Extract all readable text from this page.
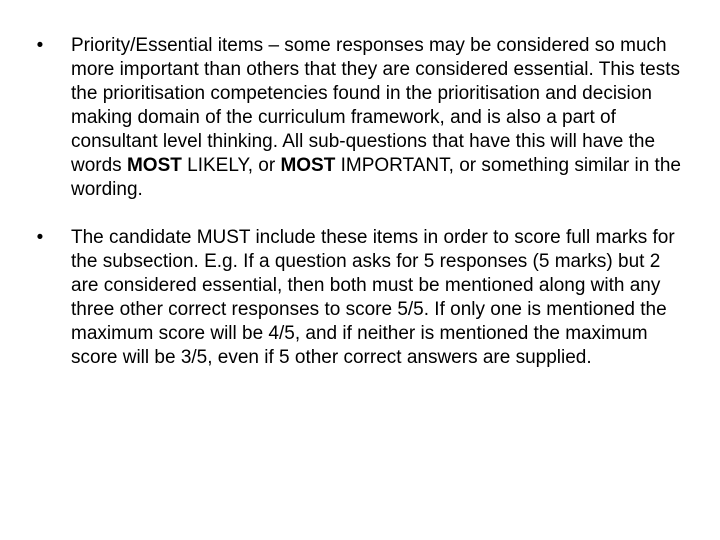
•	Priority/Essential items – some responses may be considered so much more important than others that they are considered essential. This tests the prioritisation competencies found in the prioritisation and decision making domain of the curriculum framework, and is also a part of consultant level thinking. All sub-questions that have this will have the words MOST LIKELY, or MOST IMPORTANT, or something similar in the wording.
•	The candidate MUST include these items in order to score full marks for the subsection. E.g. If a question asks for 5 responses (5 marks) but 2 are considered essential, then both must be mentioned along with any three other correct responses to score 5/5. If only one is mentioned the maximum score will be 4/5, and if neither is mentioned the maximum score will be 3/5, even if 5 other correct answers are supplied.
